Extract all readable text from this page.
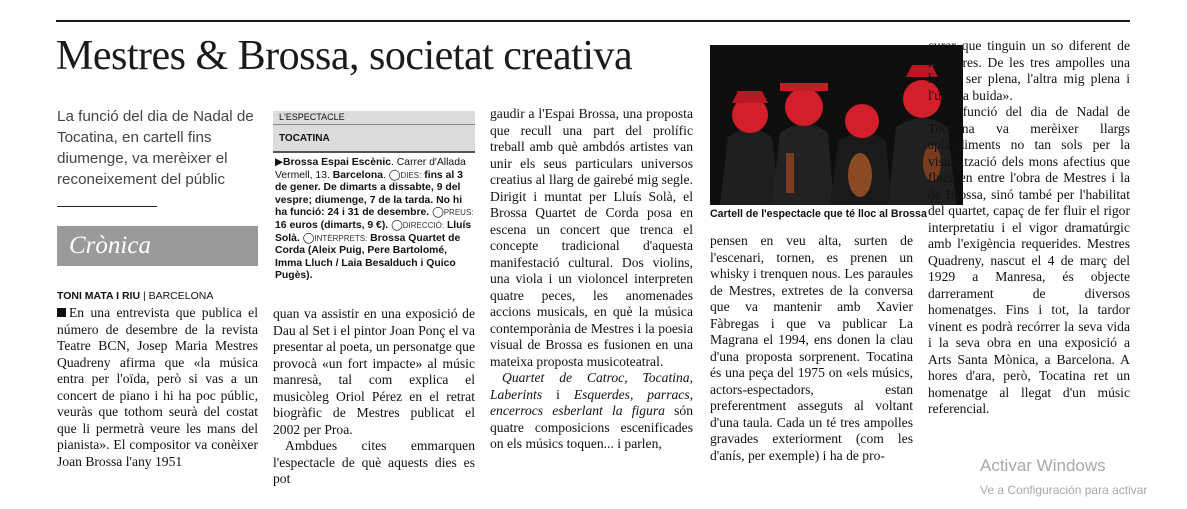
Mestres & Brossa, societat creativa
La funció del dia de Nadal de Tocatina, en cartell fins diumenge, va merèixer el reconeixement del públic
Crònica
TONI MATA I RIU | BARCELONA

En una entrevista que publica el número de desembre de la revista Teatre BCN, Josep Maria Mestres Quadreny afirma que «la música entra per l'oïda, però si vas a un concert de piano i hi ha poc públic, veuràs que tothom seurà del costat que li permetrà veure les mans del pianista». El compositor va conèixer Joan Brossa l'any 1951

L'ESPECTACLE
TOCATINA
▶Brossa Espai Escènic. Carrer d'Allada Vermell, 13. Barcelona. ◯DIES: fins al 3 de gener. De dimarts a dissabte, 9 del vespre; diumenge, 7 de la tarda. No hi ha funció: 24 i 31 de desembre. ◯PREUS: 16 euros (dimarts, 9 €). ◯DIRECCIÓ: Lluís Solà. ◯INTÈRPRETS: Brossa Quartet de Corda (Aleix Puig, Pere Bartolomé, Imma Lluch / Laia Besalduch i Quico Pugès).

quan va assistir en una exposició de Dau al Set i el pintor Joan Ponç el va presentar al poeta, un personatge que provocà «un fort impacte» al músic manresà, tal com explica el musicòleg Oriol Pérez en el retrat biogràfic de Mestres publicat el 2002 per Proa.

Ambdues cites emmarquen l'espectacle de què aquests dies es pot

gaudir a l'Espai Brossa, una proposta que recull una part del prolífic treball amb què ambdós artistes van unir els seus particulars universos creatius al llarg de gairebé mig segle. Dirigit i muntat per Lluís Solà, el Brossa Quartet de Corda posa en escena un concert que trenca el concepte tradicional d'aquesta manifestació cultural. Dos violins, una viola i un violoncel interpreten quatre peces, les anomenades accions musicals, en què la música contemporània de Mestres i la poesia visual de Brossa es fusionen en una mateixa proposta musicoteatral.

Quartet de Catroc, Tocatina, Laberints i Esquerdes, parracs, encerrocs esberlant la figura són quatre composicions escenificades on els músics toquen... i parlen,

Cartell de l'espectacle que té lloc al Brossa

pensen en veu alta, surten de l'escenari, tornen, es prenen un whisky i trenquen nous. Les paraules de Mestres, extretes de la conversa que va mantenir amb Xavier Fàbregas i que va publicar La Magrana el 1994, ens donen la clau d'una proposta sorprenent. Tocatina és una peça del 1975 on «els músics, actors-espectadors, estan preferentment asseguts al voltant d'una taula. Cada un té tres ampolles gravades exteriorment (com les d'anís, per exemple) i ha de pro-

curar que tinguin un so diferent de les altres. De les tres ampolles una ha de ser plena, l'altra mig plena i l'última buida».

La funció del dia de Nadal de Tocatina va merèixer llargs aplaudiments no tan sols per la visualització dels mons afectius que flueixen entre l'obra de Mestres i la de Brossa, sinó també per l'habilitat del quartet, capaç de fer fluir el rigor interpretatiu i el vigor dramatúrgic amb l'exigència requerides. Mestres Quadreny, nascut el 4 de març del 1929 a Manresa, és objecte darrerament de diversos homenatges. Fins i tot, la tardor vinent es podrà recórrer la seva vida i la seva obra en una exposició a Arts Santa Mònica, a Barcelona. A hores d'ara, però, Tocatina ret un homenatge al llegat d'un músic referencial.

Activar Windows
Ve a Configuración para activar
